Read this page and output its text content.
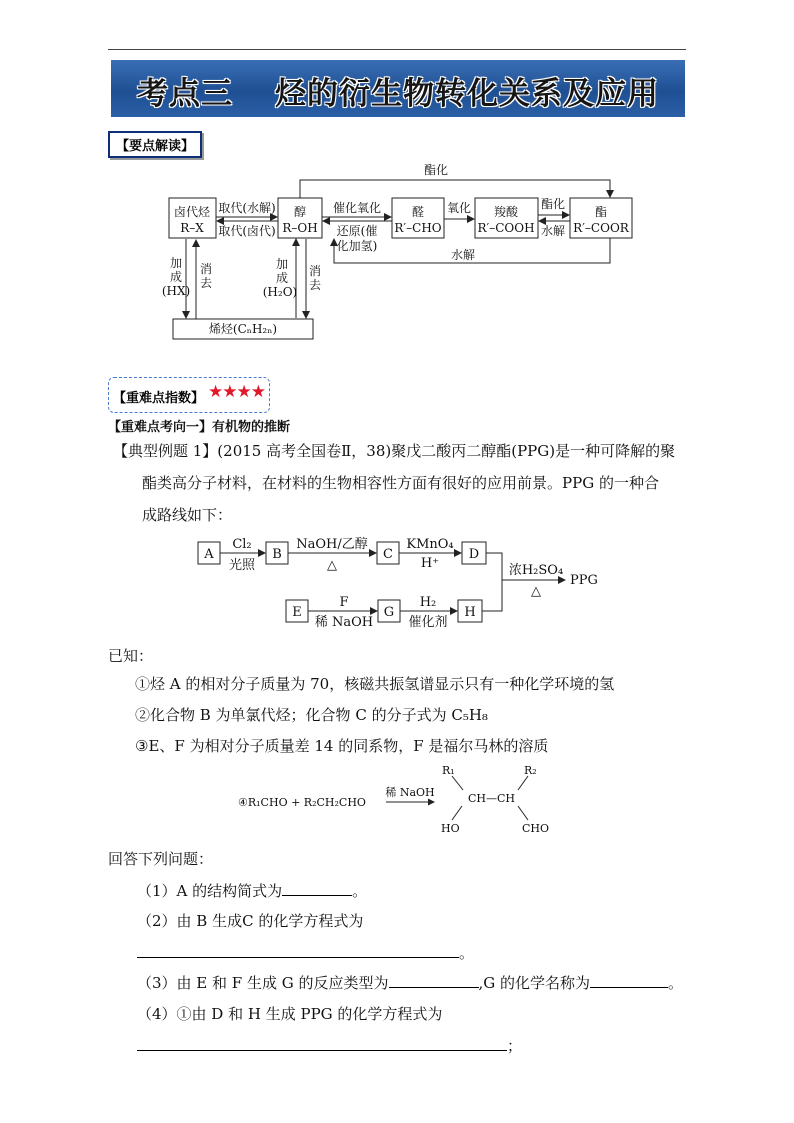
考点三 烃的衍生物转化关系及应用
【要点解读】
卤代烃
R–X
醇
R–OH
醛
R′–CHO
羧酸
R′–COOH
酯
R′–COOR
烯烃(CₙH₂ₙ)
取代(水解)
取代(卤代)
催化氧化
还原(催
化加氢)
氧化	酯化
水解
酯化
水解
加
成
(HX)
消
去
加
成
(H₂O)
消
去
【重难点指数】 ★★★★
【重难点考向一】有机物的推断
【典型例题 1】(2015 高考全国卷Ⅱ，38)聚戊二酸丙二醇酯(PPG)是一种可降解的聚
酯类高分子材料，在材料的生物相容性方面有很好的应用前景。PPG 的一种合
成路线如下：
A	B	C	D
E	G	H
Cl₂
光照
NaOH/乙醇
△
KMnO₄
H⁺
F
稀 NaOH
H₂
催化剂
浓H₂SO₄
△
PPG
已知：
①烃 A 的相对分子质量为 70，核磁共振氢谱显示只有一种化学环境的氢
②化合物 B 为单氯代烃；化合物 C 的分子式为 C₅H₈
③E、F 为相对分子质量差 14 的同系物，F 是福尔马林的溶质
④R₁CHO + R₂CH₂CHO
稀 NaOH
R₁	R₂
CH—CH
HO	CHO
回答下列问题：
（1）A 的结构简式为	。
（2）由 B 生成C 的化学方程式为
。
（3）由 E 和 F 生成 G 的反应类型为	,G 的化学名称为	。
（4）①由 D 和 H 生成 PPG 的化学方程式为
；
